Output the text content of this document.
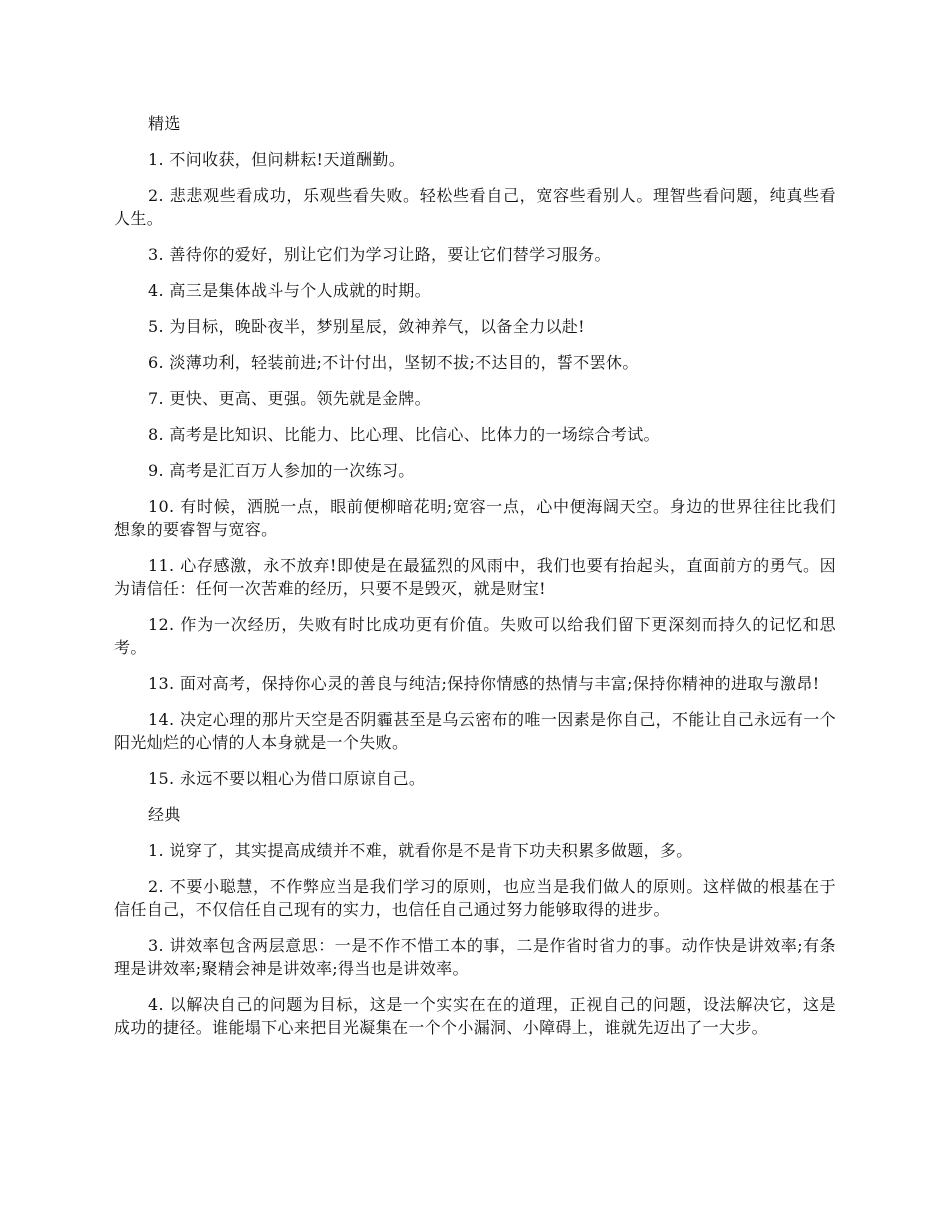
精选

1. 不问收获，但问耕耘!天道酬勤。

2. 悲悲观些看成功，乐观些看失败。轻松些看自己，宽容些看别人。理智些看问题，纯真些看人生。

3. 善待你的爱好，别让它们为学习让路，要让它们替学习服务。

4. 高三是集体战斗与个人成就的时期。

5. 为目标，晚卧夜半，梦别星辰，敛神养气，以备全力以赴!

6. 淡薄功利，轻装前进;不计付出，坚韧不拔;不达目的，誓不罢休。

7. 更快、更高、更强。领先就是金牌。

8. 高考是比知识、比能力、比心理、比信心、比体力的一场综合考试。

9. 高考是汇百万人参加的一次练习。

10. 有时候，洒脱一点，眼前便柳暗花明;宽容一点，心中便海阔天空。身边的世界往往比我们想象的要睿智与宽容。

11. 心存感激，永不放弃!即使是在最猛烈的风雨中，我们也要有抬起头，直面前方的勇气。因为请信任：任何一次苦难的经历，只要不是毁灭，就是财宝!

12. 作为一次经历，失败有时比成功更有价值。失败可以给我们留下更深刻而持久的记忆和思考。

13. 面对高考，保持你心灵的善良与纯洁;保持你情感的热情与丰富;保持你精神的进取与激昂!

14. 决定心理的那片天空是否阴霾甚至是乌云密布的唯一因素是你自己，不能让自己永远有一个阳光灿烂的心情的人本身就是一个失败。

15. 永远不要以粗心为借口原谅自己。

经典

1. 说穿了，其实提高成绩并不难，就看你是不是肯下功夫积累多做题，多。

2. 不要小聪慧，不作弊应当是我们学习的原则，也应当是我们做人的原则。这样做的根基在于信任自己，不仅信任自己现有的实力，也信任自己通过努力能够取得的进步。

3. 讲效率包含两层意思：一是不作不惜工本的事，二是作省时省力的事。动作快是讲效率;有条理是讲效率;聚精会神是讲效率;得当也是讲效率。

4. 以解决自己的问题为目标，这是一个实实在在的道理，正视自己的问题，设法解决它，这是成功的捷径。谁能塌下心来把目光凝集在一个个小漏洞、小障碍上，谁就先迈出了一大步。
